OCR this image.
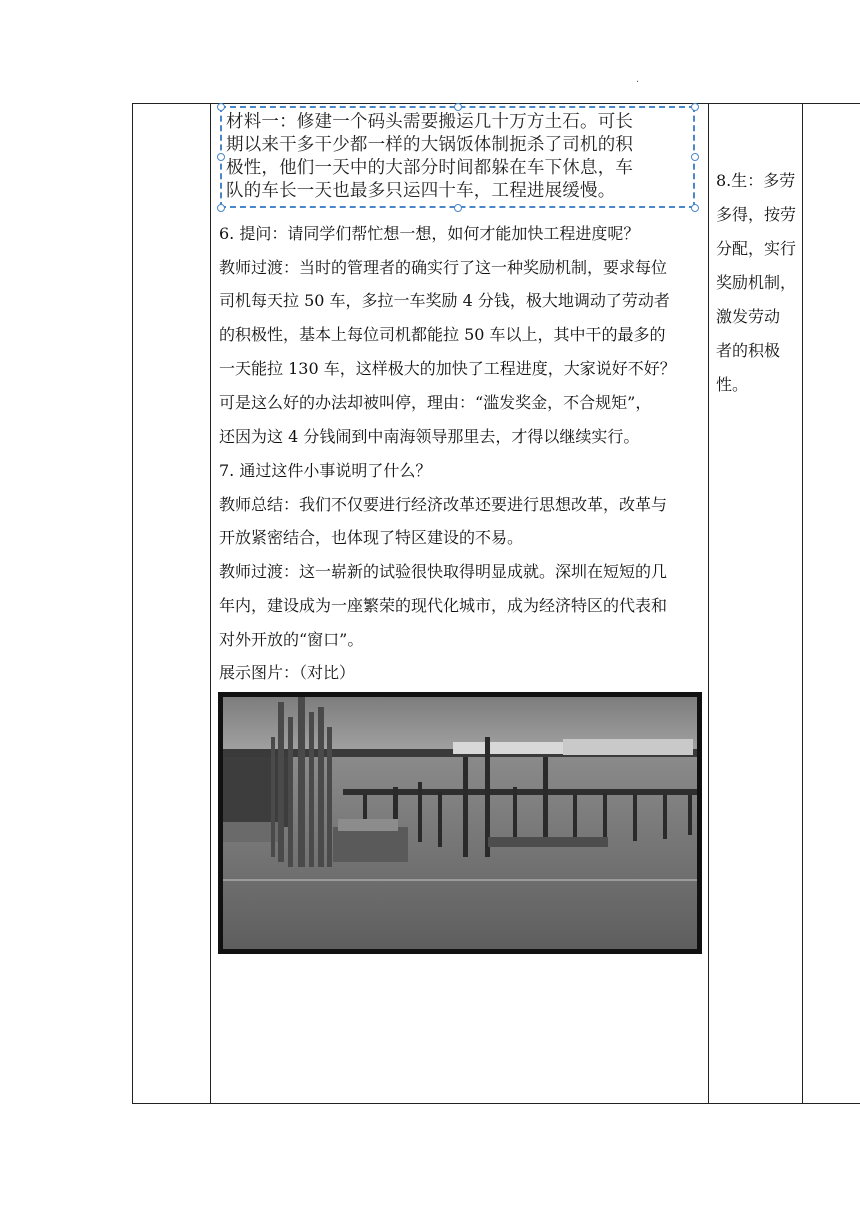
.
材料一：修建一个码头需要搬运几十万方土石。可长
期以来干多干少都一样的大锅饭体制扼杀了司机的积
极性，他们一天中的大部分时间都躲在车下休息，车
队的车长一天也最多只运四十车，工程进展缓慢。
6. 提问：请同学们帮忙想一想，如何才能加快工程进度呢？
教师过渡：当时的管理者的确实行了这一种奖励机制，要求每位
司机每天拉 50 车，多拉一车奖励 4 分钱，极大地调动了劳动者
的积极性，基本上每位司机都能拉 50 车以上，其中干的最多的
一天能拉 130 车，这样极大的加快了工程进度，大家说好不好？
可是这么好的办法却被叫停，理由：“滥发奖金，不合规矩”，
还因为这 4 分钱闹到中南海领导那里去，才得以继续实行。
7. 通过这件小事说明了什么？
教师总结：我们不仅要进行经济改革还要进行思想改革，改革与
开放紧密结合，也体现了特区建设的不易。
教师过渡：这一崭新的试验很快取得明显成就。深圳在短短的几
年内，建设成为一座繁荣的现代化城市，成为经济特区的代表和
对外开放的“窗口”。
展示图片：（对比）
8.生：多劳
多得，按劳
分配，实行
奖励机制，
激发劳动
者的积极
性。
